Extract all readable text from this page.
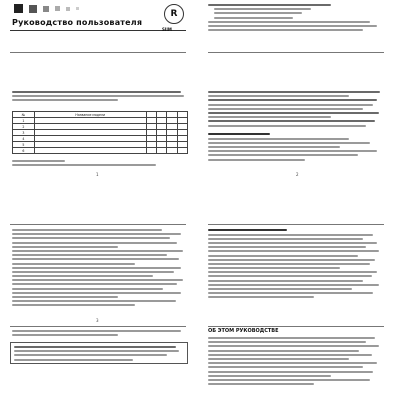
Руководство пользователя
R
SIIM
№	Название модели				
1					
2					
3					
4					
5					
6					
1	2
3
ОБ ЭТОМ РУКОВОДСТВЕ
